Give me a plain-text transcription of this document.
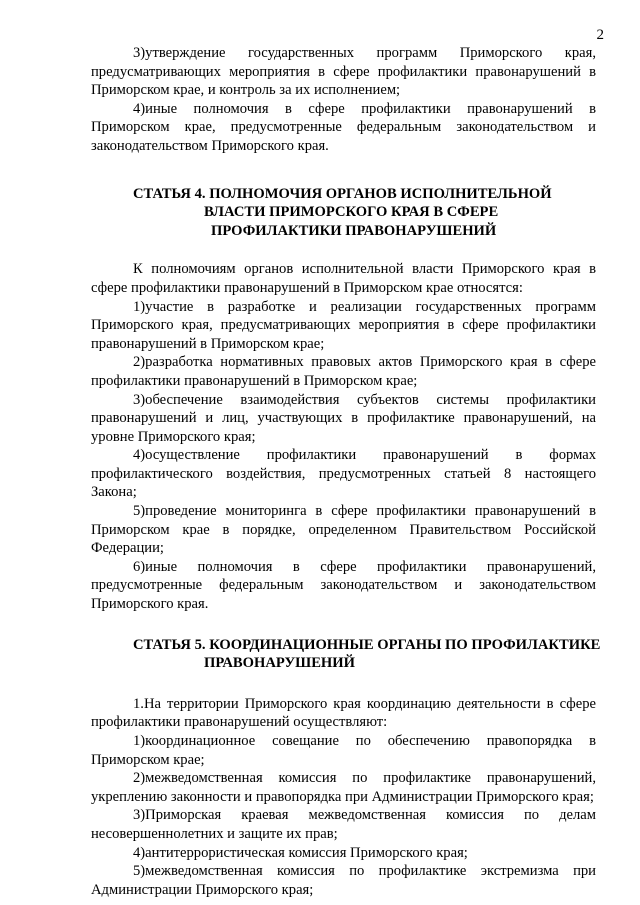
2

3)утверждение государственных программ Приморского края, предусматривающих мероприятия в сфере профилактики правонарушений в Приморском крае, и контроль за их исполнением;

4)иные полномочия в сфере профилактики правонарушений в Приморском крае, предусмотренные федеральным законодательством и законодательством Приморского края.

СТАТЬЯ 4. ПОЛНОМОЧИЯ ОРГАНОВ ИСПОЛНИТЕЛЬНОЙ
ВЛАСТИ ПРИМОРСКОГО КРАЯ В СФЕРЕ
ПРОФИЛАКТИКИ ПРАВОНАРУШЕНИЙ

К полномочиям органов исполнительной власти Приморского края в сфере профилактики правонарушений в Приморском крае относятся:

1)участие в разработке и реализации государственных программ Приморского края, предусматривающих мероприятия в сфере профилактики правонарушений в Приморском крае;

2)разработка нормативных правовых актов Приморского края в сфере профилактики правонарушений в Приморском крае;

3)обеспечение взаимодействия субъектов системы профилактики правонарушений и лиц, участвующих в профилактике правонарушений, на уровне Приморского края;

4)осуществление профилактики правонарушений в формах профилактического воздействия, предусмотренных статьей 8 настоящего Закона;

5)проведение мониторинга в сфере профилактики правонарушений в Приморском крае в порядке, определенном Правительством Российской Федерации;

6)иные полномочия в сфере профилактики правонарушений, предусмотренные федеральным законодательством и законодательством Приморского края.

СТАТЬЯ 5. КООРДИНАЦИОННЫЕ ОРГАНЫ ПО ПРОФИЛАКТИКЕ
ПРАВОНАРУШЕНИЙ

1.На территории Приморского края координацию деятельности в сфере профилактики правонарушений осуществляют:

1)координационное совещание по обеспечению правопорядка в Приморском крае;

2)межведомственная комиссия по профилактике правонарушений, укреплению законности и правопорядка при Администрации Приморского края;

3)Приморская краевая межведомственная комиссия по делам несовершеннолетних и защите их прав;

4)антитеррористическая комиссия Приморского края;

5)межведомственная комиссия по профилактике экстремизма при Администрации Приморского края;
